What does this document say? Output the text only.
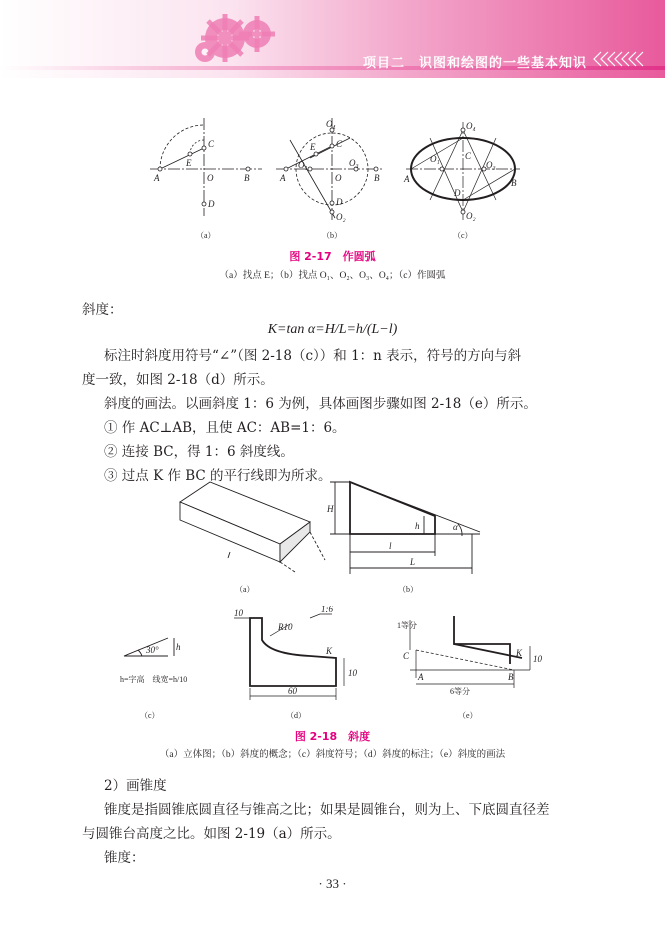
项目二　识图和绘图的一些基本知识
C
E
A	O	B
D
（a）
O₄
E C
O₁	O₃
A	O	B
D
O₂
（b）
O₄
O₁	C
O₃
A
D
O₂
B
（c）
图 2-17　作圆弧
（a）找点 E；（b）找点 O₁、O₂、O₃、O₄；（c）作圆弧
斜度：
K=tan α=H/L=h/(L−l)
标注时斜度用符号“∠”（图 2-18（c））和 1：n 表示，符号的方向与斜
度一致，如图 2-18（d）所示。
斜度的画法。以画斜度 1：6 为例，具体画图步骤如图 2-18（e）所示。
① 作 AC⊥AB，且使 AC：AB=1：6。
② 连接 BC，得 1：6 斜度线。
③ 过点 K 作 BC 的平行线即为所求。
（a）
H
h	α
l
L
（b）
30° h
h=字高　线宽=h/10
（c）
10
R10
1:6
K
10
60
（d）
1等分
C	K
10
A
6等分
B
（e）
图 2-18　斜度
（a）立体图；（b）斜度的概念；（c）斜度符号；（d）斜度的标注；（e）斜度的画法
2）画锥度
锥度是指圆锥底圆直径与锥高之比；如果是圆锥台，则为上、下底圆直径差
与圆锥台高度之比。如图 2-19（a）所示。
锥度：
· 33 ·
